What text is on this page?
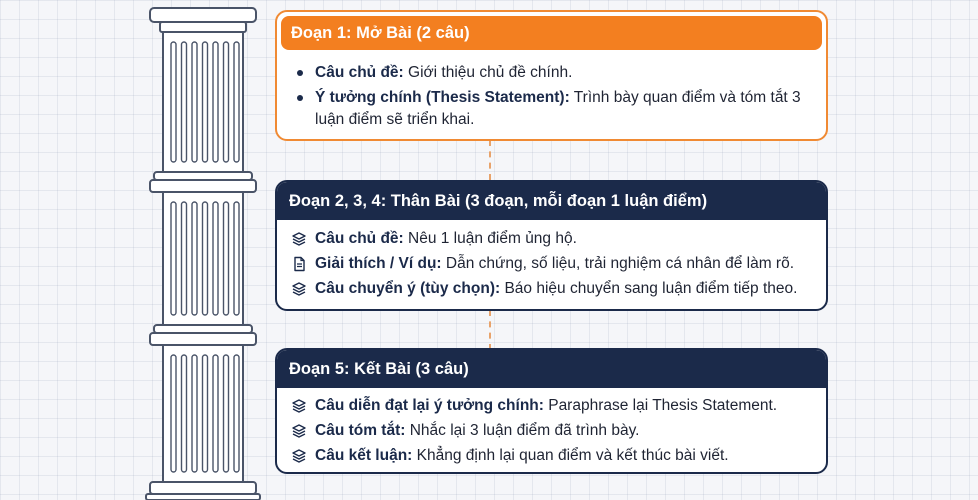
Đoạn 1: Mở Bài (2 câu)
Câu chủ đề: Giới thiệu chủ đề chính.
Ý tưởng chính (Thesis Statement): Trình bày quan điểm và tóm tắt 3 luận điểm sẽ triển khai.
Đoạn 2, 3, 4: Thân Bài (3 đoạn, mỗi đoạn 1 luận điểm)
Câu chủ đề: Nêu 1 luận điểm ủng hộ.
Giải thích / Ví dụ: Dẫn chứng, số liệu, trải nghiệm cá nhân để làm rõ.
Câu chuyển ý (tùy chọn): Báo hiệu chuyển sang luận điểm tiếp theo.
Đoạn 5: Kết Bài (3 câu)
Câu diễn đạt lại ý tưởng chính: Paraphrase lại Thesis Statement.
Câu tóm tắt: Nhắc lại 3 luận điểm đã trình bày.
Câu kết luận: Khẳng định lại quan điểm và kết thúc bài viết.
